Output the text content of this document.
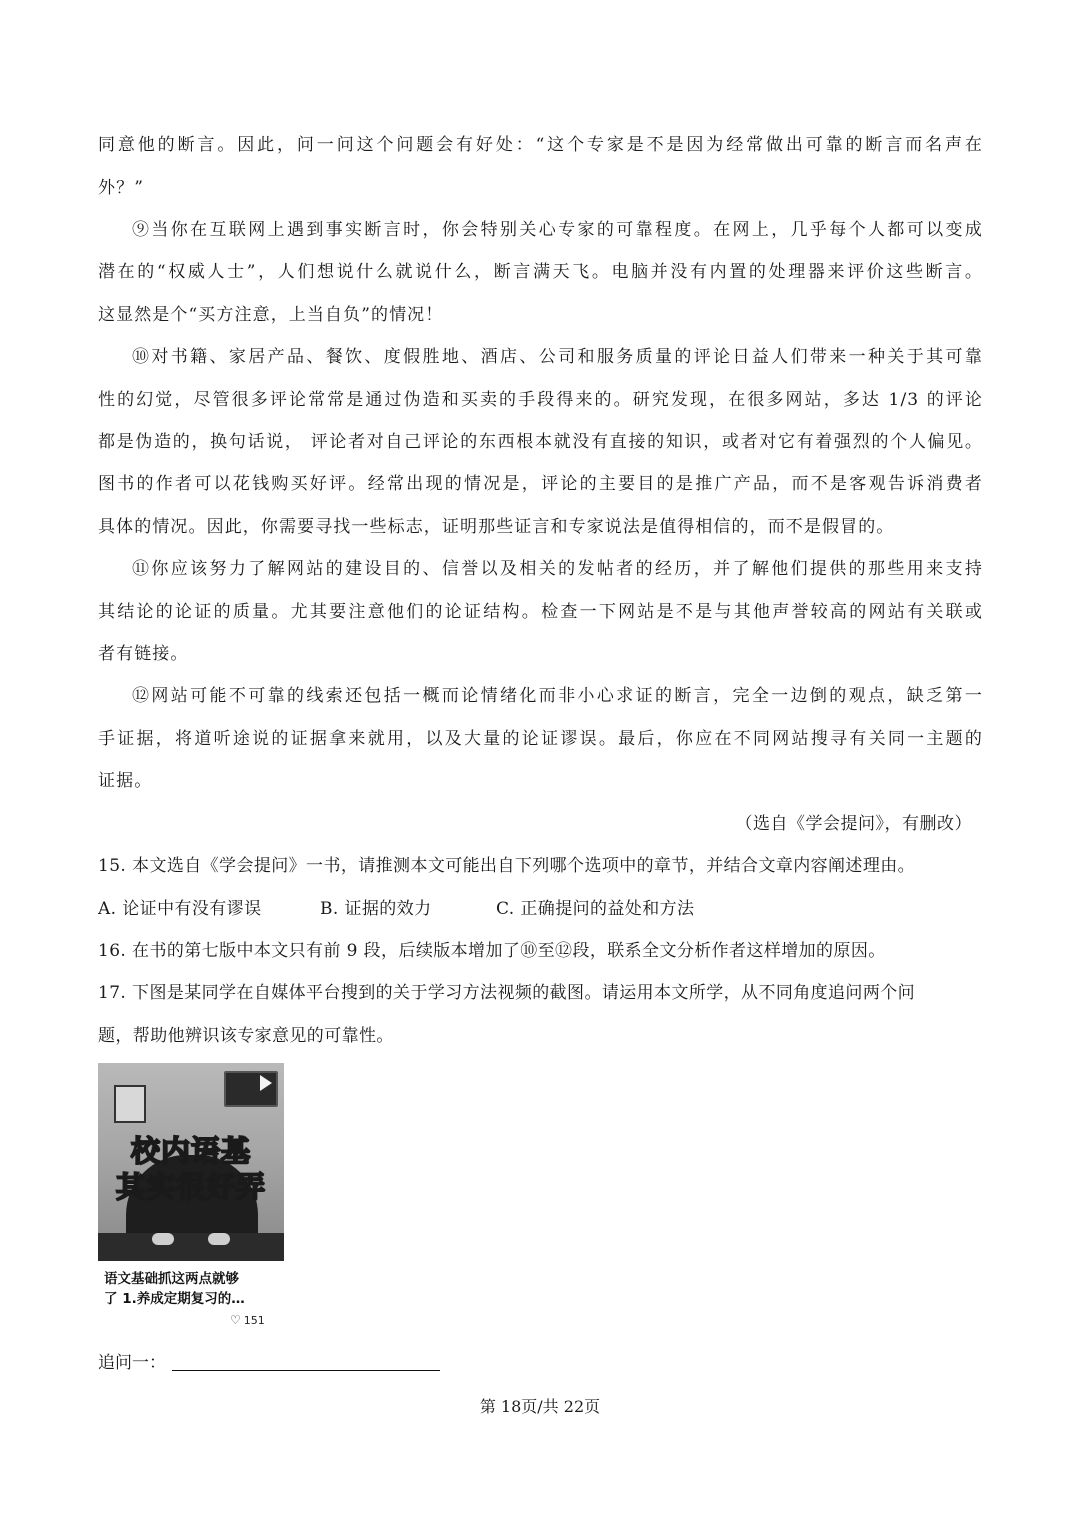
同意他的断言。因此，问一问这个问题会有好处：“这个专家是不是因为经常做出可靠的断言而名声在
外？”
⑨当你在互联网上遇到事实断言时，你会特别关心专家的可靠程度。在网上，几乎每个人都可以变成
潜在的“权威人士”，人们想说什么就说什么，断言满天飞。电脑并没有内置的处理器来评价这些断言。
这显然是个“买方注意，上当自负”的情况！
⑩对书籍、家居产品、餐饮、度假胜地、酒店、公司和服务质量的评论日益人们带来一种关于其可靠
性的幻觉，尽管很多评论常常是通过伪造和买卖的手段得来的。研究发现，在很多网站，多达 1/3 的评论
都是伪造的，换句话说， 评论者对自己评论的东西根本就没有直接的知识，或者对它有着强烈的个人偏见。
图书的作者可以花钱购买好评。经常出现的情况是，评论的主要目的是推广产品，而不是客观告诉消费者
具体的情况。因此，你需要寻找一些标志，证明那些证言和专家说法是值得相信的，而不是假冒的。
⑪你应该努力了解网站的建设目的、信誉以及相关的发帖者的经历，并了解他们提供的那些用来支持
其结论的论证的质量。尤其要注意他们的论证结构。检查一下网站是不是与其他声誉较高的网站有关联或
者有链接。
⑫网站可能不可靠的线索还包括一概而论情绪化而非小心求证的断言，完全一边倒的观点，缺乏第一
手证据，将道听途说的证据拿来就用，以及大量的论证谬误。最后，你应在不同网站搜寻有关同一主题的
证据。
（选自《学会提问》，有删改）
15. 本文选自《学会提问》一书，请推测本文可能出自下列哪个选项中的章节，并结合文章内容阐述理由。
A. 论证中有没有谬误	B. 证据的效力	C. 正确提问的益处和方法
16. 在书的第七版中本文只有前 9 段，后续版本增加了⑩至⑫段，联系全文分析作者这样增加的原因。
17. 下图是某同学在自媒体平台搜到的关于学习方法视频的截图。请运用本文所学，从不同角度追问两个问
题，帮助他辨识该专家意见的可靠性。
校内语基
其实很好弄
语文基础抓这两点就够
了 1.养成定期复习的…
♡ 151
追问一：
第 18页/共 22页
